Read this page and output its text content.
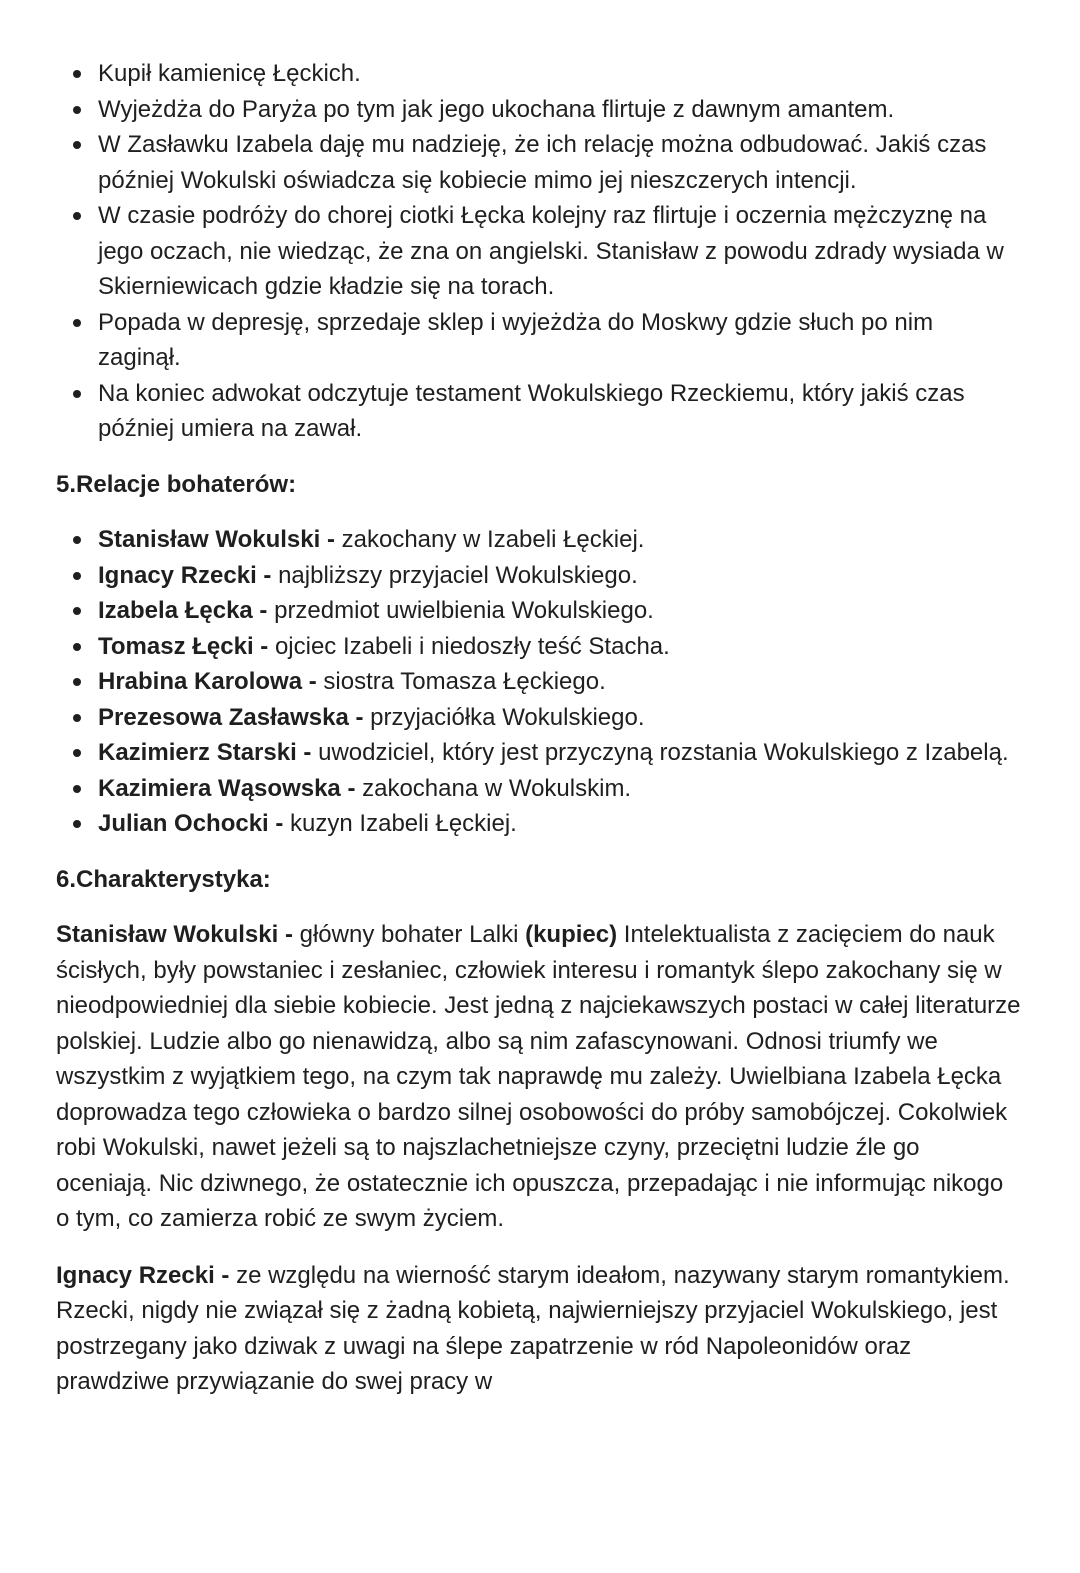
Kupił kamienicę Łęckich.
Wyjeżdża do Paryża po tym jak jego ukochana flirtuje z dawnym amantem.
W Zasławku Izabela daję mu nadzieję, że ich relację można odbudować. Jakiś czas później Wokulski oświadcza się kobiecie mimo jej nieszczerych intencji.
W czasie podróży do chorej ciotki Łęcka kolejny raz flirtuje i oczernia mężczyznę na jego oczach, nie wiedząc, że zna on angielski. Stanisław z powodu zdrady wysiada w Skierniewicach gdzie kładzie się na torach.
Popada w depresję, sprzedaje sklep i wyjeżdża do Moskwy gdzie słuch po nim zaginął.
Na koniec adwokat odczytuje testament Wokulskiego Rzeckiemu, który jakiś czas później umiera na zawał.

5.Relacje bohaterów:

Stanisław Wokulski - zakochany w Izabeli Łęckiej.
Ignacy Rzecki - najbliższy przyjaciel Wokulskiego.
Izabela Łęcka - przedmiot uwielbienia Wokulskiego.
Tomasz Łęcki - ojciec Izabeli i niedoszły teść Stacha.
Hrabina Karolowa - siostra Tomasza Łęckiego.
Prezesowa Zasławska - przyjaciółka Wokulskiego.
Kazimierz Starski - uwodziciel, który jest przyczyną rozstania Wokulskiego z Izabelą.
Kazimiera Wąsowska - zakochana w Wokulskim.
Julian Ochocki - kuzyn Izabeli Łęckiej.

6.Charakterystyka:

Stanisław Wokulski - główny bohater Lalki (kupiec) Intelektualista z zacięciem do nauk ścisłych, były powstaniec i zesłaniec, człowiek interesu i romantyk ślepo zakochany się w nieodpowiedniej dla siebie kobiecie. Jest jedną z najciekawszych postaci w całej literaturze polskiej. Ludzie albo go nienawidzą, albo są nim zafascynowani. Odnosi triumfy we wszystkim z wyjątkiem tego, na czym tak naprawdę mu zależy. Uwielbiana Izabela Łęcka doprowadza tego człowieka o bardzo silnej osobowości do próby samobójczej. Cokolwiek robi Wokulski, nawet jeżeli są to najszlachetniejsze czyny, przeciętni ludzie źle go oceniają. Nic dziwnego, że ostatecznie ich opuszcza, przepadając i nie informując nikogo o tym, co zamierza robić ze swym życiem.

Ignacy Rzecki - ze względu na wierność starym ideałom, nazywany starym romantykiem. Rzecki, nigdy nie związał się z żadną kobietą, najwierniejszy przyjaciel Wokulskiego, jest postrzegany jako dziwak z uwagi na ślepe zapatrzenie w ród Napoleonidów oraz prawdziwe przywiązanie do swej pracy w
